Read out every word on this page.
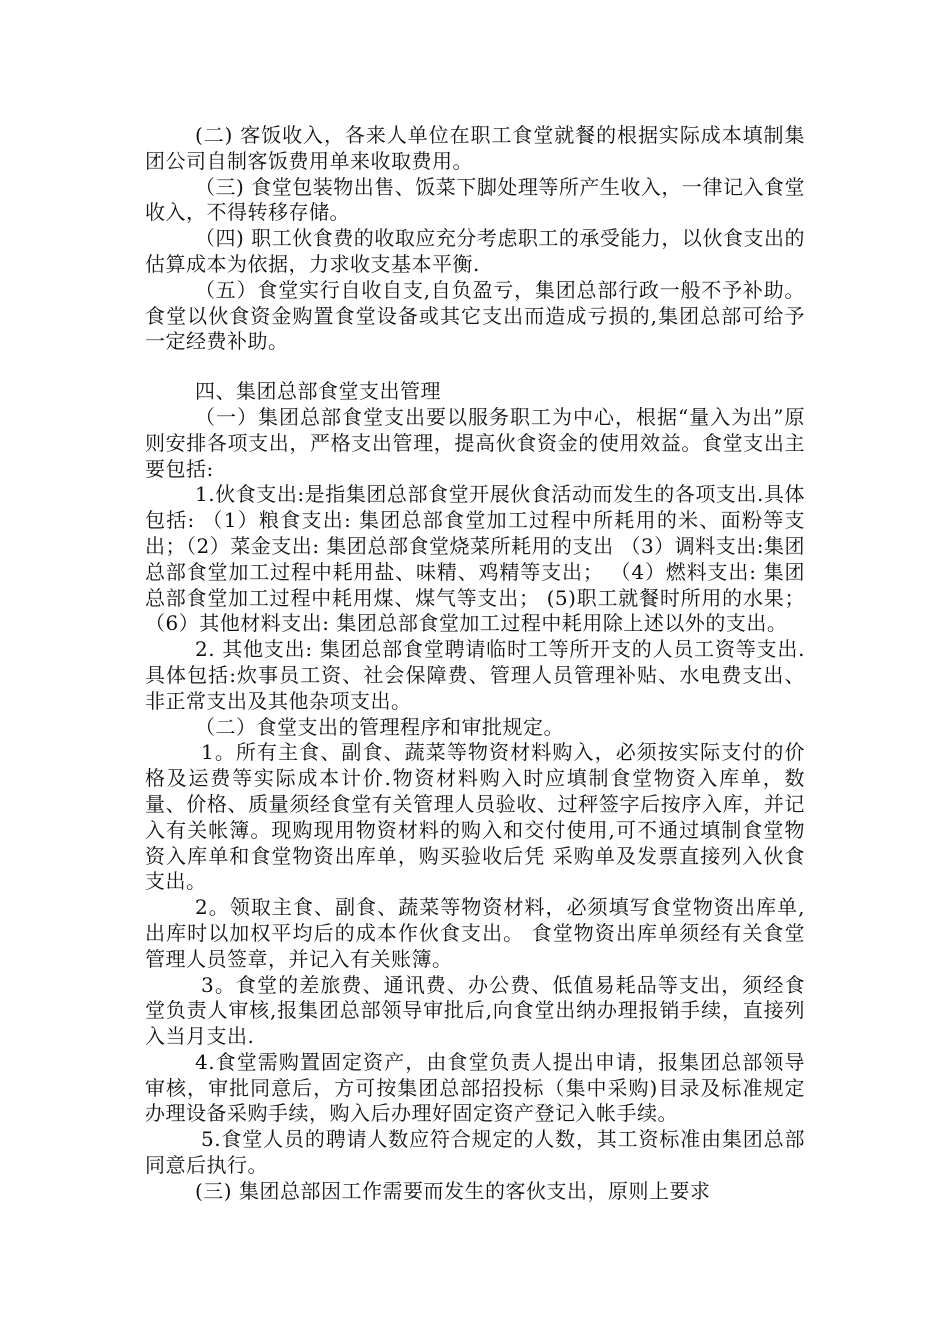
(二) 客饭收入，各来人单位在职工食堂就餐的根据实际成本填制集团公司自制客饭费用单来收取费用。

（三) 食堂包装物出售、饭菜下脚处理等所产生收入，一律记入食堂收入，不得转移存储。

（四) 职工伙食费的收取应充分考虑职工的承受能力，以伙食支出的估算成本为依据，力求收支基本平衡.

（五）食堂实行自收自支,自负盈亏，集团总部行政一般不予补助。食堂以伙食资金购置食堂设备或其它支出而造成亏损的,集团总部可给予一定经费补助。

四、集团总部食堂支出管理

（一）集团总部食堂支出要以服务职工为中心，根据“量入为出”原则安排各项支出，严格支出管理，提高伙食资金的使用效益。食堂支出主要包括:

1.伙食支出:是指集团总部食堂开展伙食活动而发生的各项支出.具体包括: （1）粮食支出: 集团总部食堂加工过程中所耗用的米、面粉等支出；（2）菜金支出: 集团总部食堂烧菜所耗用的支出 （3）调料支出:集团总部食堂加工过程中耗用盐、味精、鸡精等支出； （4）燃料支出: 集团总部食堂加工过程中耗用煤、煤气等支出； (5)职工就餐时所用的水果；（6）其他材料支出: 集团总部食堂加工过程中耗用除上述以外的支出。

2. 其他支出: 集团总部食堂聘请临时工等所开支的人员工资等支出.具体包括:炊事员工资、社会保障费、管理人员管理补贴、水电费支出、非正常支出及其他杂项支出。

（二）食堂支出的管理程序和审批规定。

1。所有主食、副食、蔬菜等物资材料购入，必须按实际支付的价格及运费等实际成本计价.物资材料购入时应填制食堂物资入库单，数量、价格、质量须经食堂有关管理人员验收、过秤签字后按序入库，并记入有关帐簿。现购现用物资材料的购入和交付使用,可不通过填制食堂物资入库单和食堂物资出库单，购买验收后凭 采购单及发票直接列入伙食支出。

2。领取主食、副食、蔬菜等物资材料，必须填写食堂物资出库单,出库时以加权平均后的成本作伙食支出。 食堂物资出库单须经有关食堂管理人员签章，并记入有关账簿。

3。食堂的差旅费、通讯费、办公费、低值易耗品等支出，须经食堂负责人审核,报集团总部领导审批后,向食堂出纳办理报销手续，直接列入当月支出.

4.食堂需购置固定资产，由食堂负责人提出申请，报集团总部领导审核，审批同意后，方可按集团总部招投标（集中采购)目录及标准规定办理设备采购手续，购入后办理好固定资产登记入帐手续。

5.食堂人员的聘请人数应符合规定的人数，其工资标准由集团总部同意后执行。

(三) 集团总部因工作需要而发生的客伙支出，原则上要求
